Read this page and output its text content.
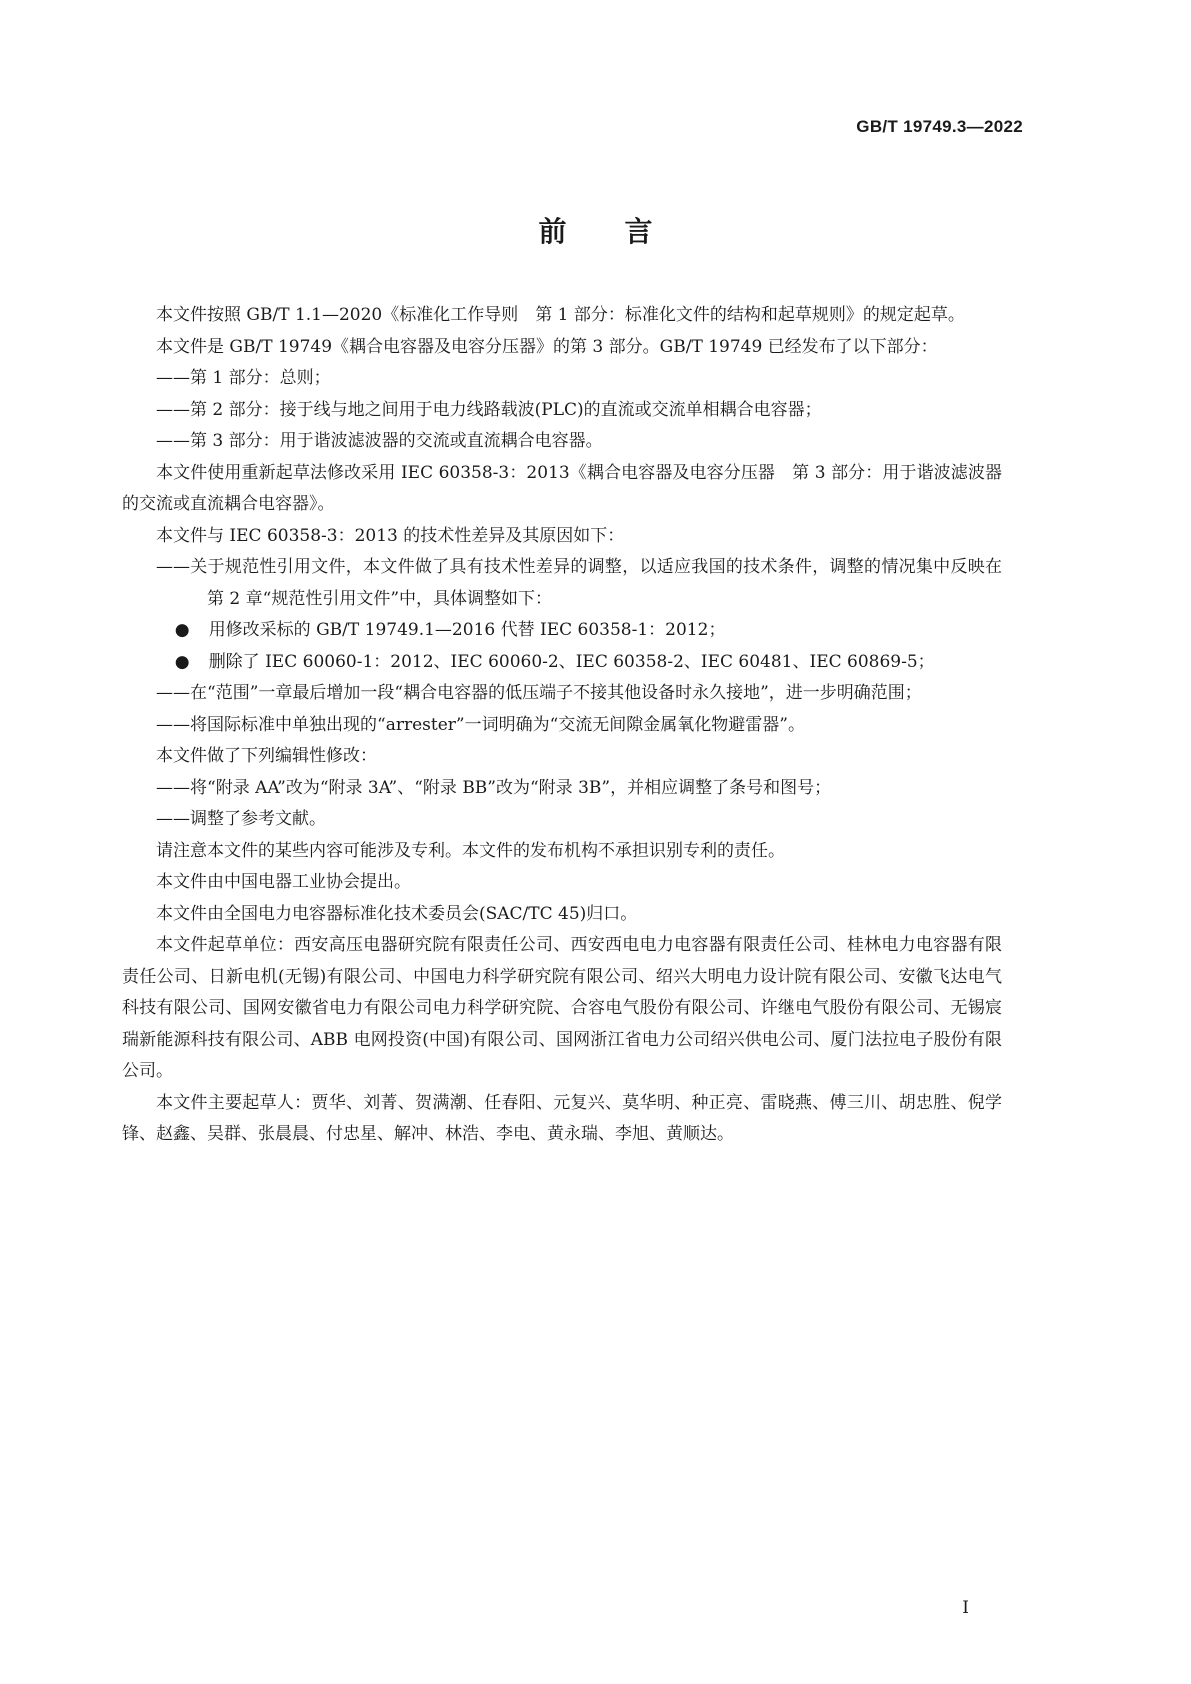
GB/T 19749.3—2022
前言

本文件按照 GB/T 1.1—2020《标准化工作导则　第 1 部分：标准化文件的结构和起草规则》的规定起草。

本文件是 GB/T 19749《耦合电容器及电容分压器》的第 3 部分。GB/T 19749 已经发布了以下部分：

——第 1 部分：总则；

——第 2 部分：接于线与地之间用于电力线路载波(PLC)的直流或交流单相耦合电容器；

——第 3 部分：用于谐波滤波器的交流或直流耦合电容器。

本文件使用重新起草法修改采用 IEC 60358-3：2013《耦合电容器及电容分压器　第 3 部分：用于谐波滤波器的交流或直流耦合电容器》。

本文件与 IEC 60358-3：2013 的技术性差异及其原因如下：

——关于规范性引用文件，本文件做了具有技术性差异的调整，以适应我国的技术条件，调整的情况集中反映在第 2 章“规范性引用文件”中，具体调整如下：

● 用修改采标的 GB/T 19749.1—2016 代替 IEC 60358-1：2012；

● 删除了 IEC 60060-1：2012、IEC 60060-2、IEC 60358-2、IEC 60481、IEC 60869-5；

——在“范围”一章最后增加一段“耦合电容器的低压端子不接其他设备时永久接地”，进一步明确范围；

——将国际标准中单独出现的“arrester”一词明确为“交流无间隙金属氧化物避雷器”。

本文件做了下列编辑性修改：

——将“附录 AA”改为“附录 3A”、“附录 BB”改为“附录 3B”，并相应调整了条号和图号；

——调整了参考文献。

请注意本文件的某些内容可能涉及专利。本文件的发布机构不承担识别专利的责任。

本文件由中国电器工业协会提出。

本文件由全国电力电容器标准化技术委员会(SAC/TC 45)归口。

本文件起草单位：西安高压电器研究院有限责任公司、西安西电电力电容器有限责任公司、桂林电力电容器有限责任公司、日新电机(无锡)有限公司、中国电力科学研究院有限公司、绍兴大明电力设计院有限公司、安徽飞达电气科技有限公司、国网安徽省电力有限公司电力科学研究院、合容电气股份有限公司、许继电气股份有限公司、无锡宸瑞新能源科技有限公司、ABB 电网投资(中国)有限公司、国网浙江省电力公司绍兴供电公司、厦门法拉电子股份有限公司。

本文件主要起草人：贾华、刘菁、贺满潮、任春阳、元复兴、莫华明、种正亮、雷晓燕、傅三川、胡忠胜、倪学锋、赵鑫、吴群、张晨晨、付忠星、解冲、林浩、李电、黄永瑞、李旭、黄顺达。

I
